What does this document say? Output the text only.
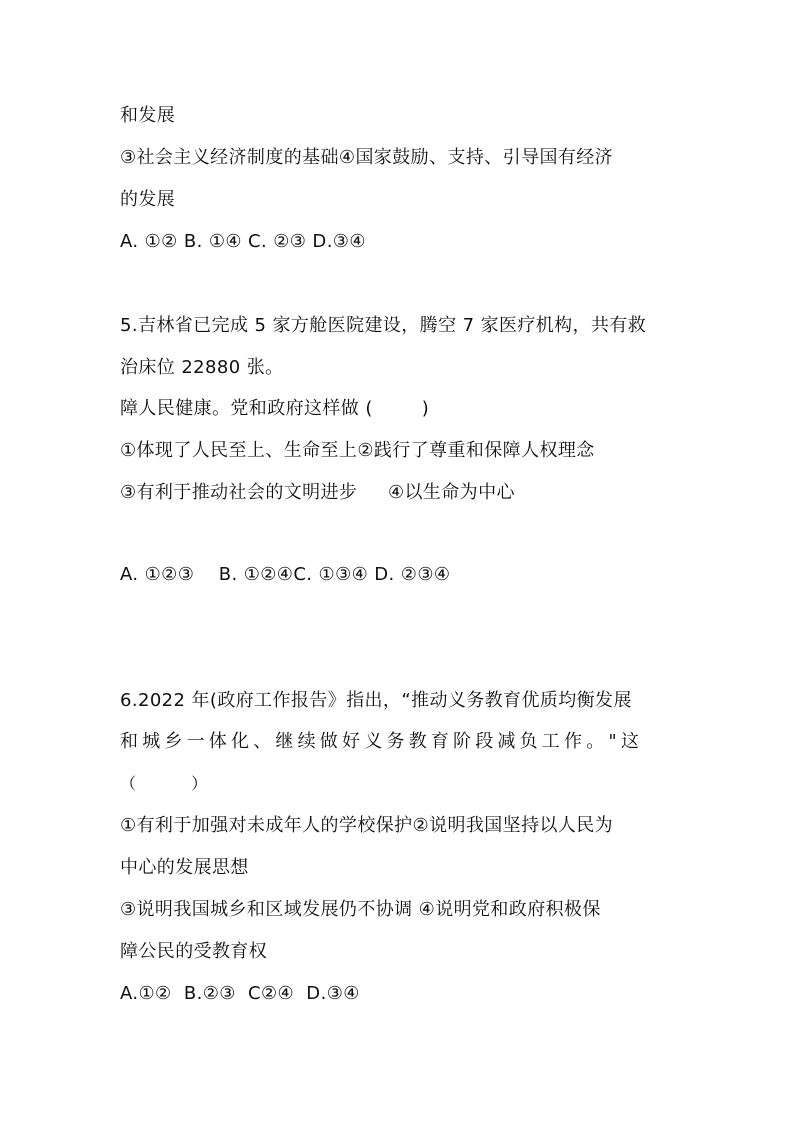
和发展
③社会主义经济制度的基础④国家鼓励、支持、引导国有经济
的发展
A. ①② B. ①④ C. ②③ D.③④
5.吉林省已完成 5 家方舱医院建设，腾空 7 家医疗机构，共有救
治床位 22880 张。
障人民健康。党和政府这样做 (        )
①体现了人民至上、生命至上②践行了尊重和保障人权理念
③有利于推动社会的文明进步     ④以生命为中心
A. ①②③    B. ①②④C. ①③④ D. ②③④
6.2022 年(政府工作报告》指出，“推动义务教育优质均衡发展
和城乡一体化、继续做好义务教育阶段减负工作。"这
（          ）
①有利于加强对未成年人的学校保护②说明我国坚持以人民为
中心的发展思想
③说明我国城乡和区域发展仍不协调 ④说明党和政府积极保
障公民的受教育权
A.①②  B.②③  C②④  D.③④
